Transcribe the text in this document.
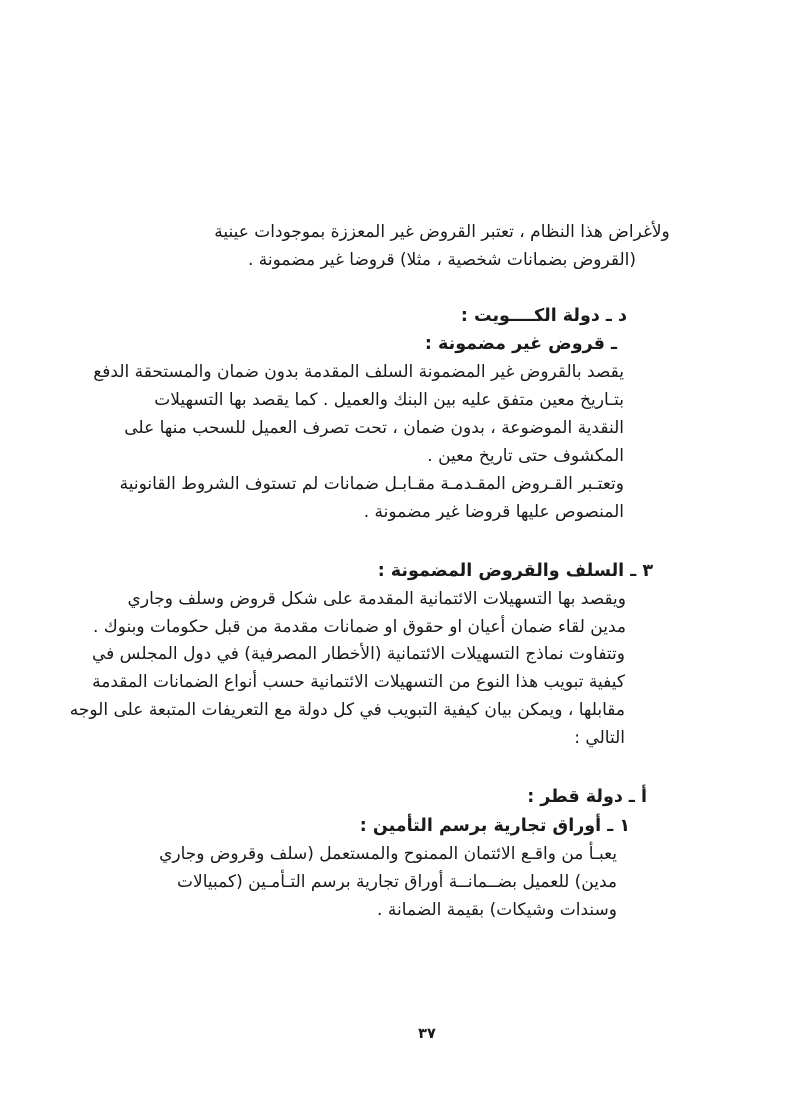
ولأغراض هذا النظام ، تعتبر القروض غير المعززة بموجودات عينية
(القروض بضمانات شخصية ، مثلا) قروضا غير مضمونة .
د ـ دولة الكــــويت :
ـ قروض غير مضمونة :
يقصد بالقروض غير المضمونة السلف المقدمة بدون ضمان والمستحقة الدفع
بتـاريخ معين متفق عليه بين البنك والعميل . كما يقصد بها التسهيلات
النقدية الموضوعة ، بدون ضمان ، تحت تصرف العميل للسحب منها على
المكشوف حتى تاريخ معين .
وتعتـبر القـروض المقـدمـة مقـابـل ضمانات لم تستوف الشروط القانونية
المنصوص عليها قروضا غير مضمونة .
٣ ـ السلف والقروض المضمونة :
ويقصد بها التسهيلات الائتمانية المقدمة على شكل قروض وسلف وجاري
مدين لقاء ضمان أعيان او حقوق او ضمانات مقدمة من قبل حكومات وبنوك .
وتتفاوت نماذج التسهيلات الائتمانية (الأخطار المصرفية) في دول المجلس في
كيفية تبويب هذا النوع من التسهيلات الائتمانية حسب أنواع الضمانات المقدمة
مقابلها ، ويمكن بيان كيفية التبويب في كل دولة مع التعريفات المتبعة على الوجه
التالي :
أ ـ دولة قطر :
١ ـ أوراق تجارية برسم التأمين :
يعبـأ من واقـع الائتمان الممنوح والمستعمل (سلف وقروض وجاري
مدين) للعميل بضــمانــة أوراق تجارية برسم التـأمـين (كمبيالات
وسندات وشيكات) بقيمة الضمانة .
٣٧
